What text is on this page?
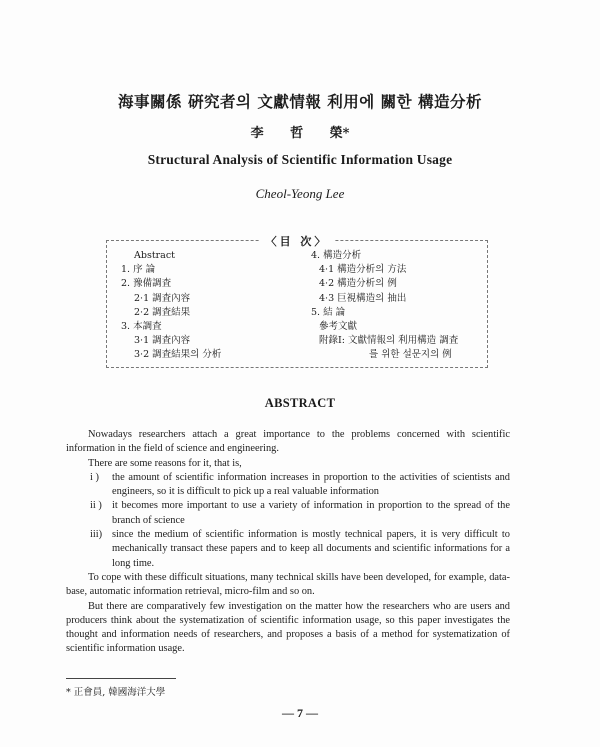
海事關係 硏究者의 文獻情報 利用에 關한 構造分析
李 哲 榮*
Structural Analysis of Scientific Information Usage
Cheol-Yeong Lee
〈目 次〉
Abstract
1. 序 論
2. 豫備調査
2·1 調査內容
2·2 調査結果
3. 本調査
3·1 調査內容
3·2 調査結果의 分析
4. 構造分析
4·1 構造分析의 方法
4·2 構造分析의 例
4·3 巨視構造의 抽出
5. 結 論
參考文獻
附錄Ⅰ: 文獻情報의 利用構造 調査
를 위한 설문지의 例
ABSTRACT

Nowadays researchers attach a great importance to the problems concerned with scientific information in the field of science and engineering.

There are some reasons for it, that is,

i ) the amount of scientific information increases in proportion to the activities of scientists and engineers, so it is difficult to pick up a real valuable information

ii ) it becomes more important to use a variety of information in proportion to the spread of the branch of science

iii) since the medium of scientific information is mostly technical papers, it is very difficult to mechanically transact these papers and to keep all documents and scientific informations for a long time.

To cope with these difficult situations, many technical skills have been developed, for example, data-base, automatic information retrieval, micro-film and so on.

But there are comparatively few investigation on the matter how the researchers who are users and producers think about the systematization of scientific information usage, so this paper investigates the thought and information needs of researchers, and proposes a basis of a method for systematization of scientific information usage.

* 正會員, 韓國海洋大學
— 7 —
